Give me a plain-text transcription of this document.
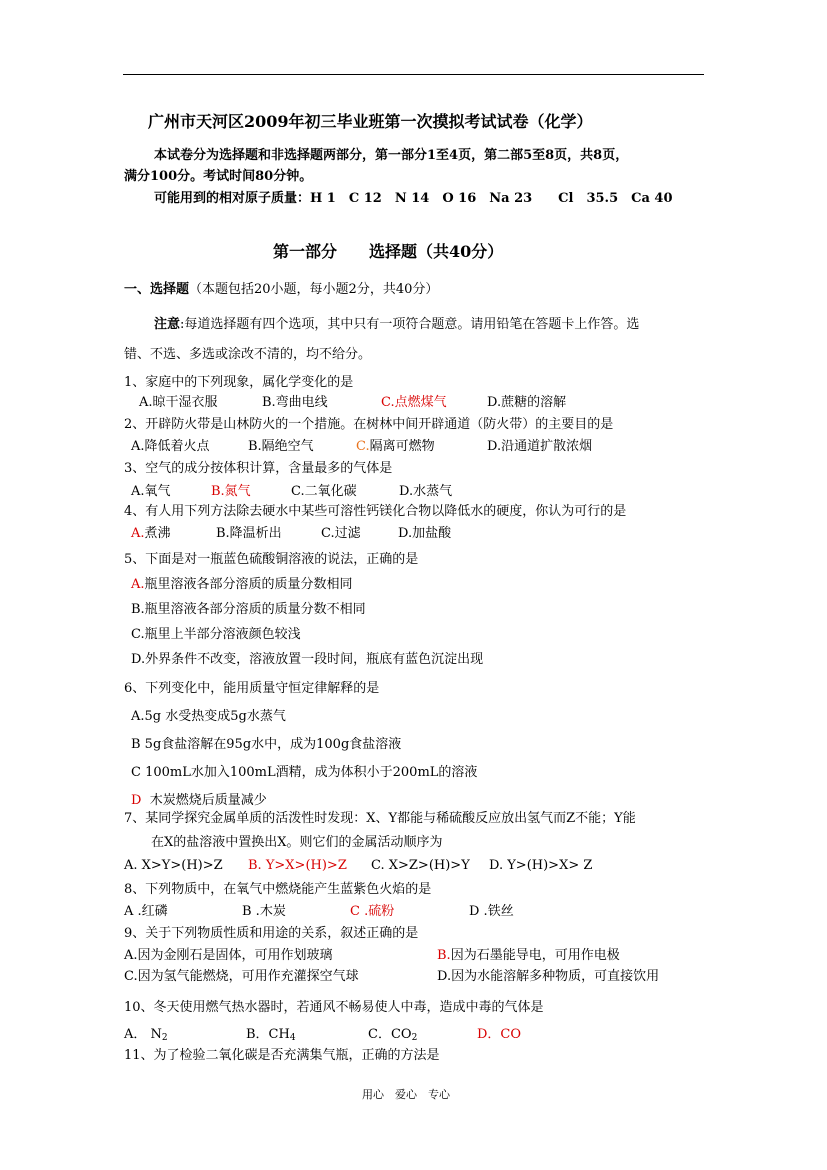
广州市天河区2009年初三毕业班第一次摸拟考试试卷（化学）
本试卷分为选择题和非选择题两部分，第一部分1至4页，第二部5至8页，共8页，
满分100分。考试时间80分钟。
可能用到的相对原子质量：H 1　C 12　N 14　O 16　Na 23　　Cl　35.5　Ca 40
第一部分　　选择题（共40分）
一、选择题（本题包括20小题，每小题2分，共40分）
注意:每道选择题有四个选项，其中只有一项符合题意。请用铅笔在答题卡上作答。选
错、不选、多选或涂改不清的，均不给分。
1、家庭中的下列现象，属化学变化的是
A.晾干湿衣服	B.弯曲电线	C.点燃煤气	D.蔗糖的溶解
2、开辟防火带是山林防火的一个措施。在树林中间开辟通道（防火带）的主要目的是
A.降低着火点	B.隔绝空气	C.隔离可燃物	D.沿通道扩散浓烟
3、空气的成分按体积计算，含量最多的气体是
A.氧气	B.氮气	C.二氧化碳	D.水蒸气
4、有人用下列方法除去硬水中某些可溶性钙镁化合物以降低水的硬度，你认为可行的是
A.煮沸	B.降温析出	C.过滤	D.加盐酸
5、下面是对一瓶蓝色硫酸铜溶液的说法，正确的是
A.瓶里溶液各部分溶质的质量分数相同
B.瓶里溶液各部分溶质的质量分数不相同
C.瓶里上半部分溶液颜色较浅
D.外界条件不改变，溶液放置一段时间，瓶底有蓝色沉淀出现
6、下列变化中，能用质量守恒定律解释的是
A.5g 水受热变成5g水蒸气
B 5g食盐溶解在95g水中，成为100g食盐溶液
C 100mL水加入100mL酒精，成为体积小于200mL的溶液
D 木炭燃烧后质量减少
7、某同学探究金属单质的活泼性时发现：X、Y都能与稀硫酸反应放出氢气而Z不能；Y能
在X的盐溶液中置换出X。则它们的金属活动顺序为
A. X>Y>(H)>Z B. Y>X>(H)>Z C. X>Z>(H)>Y D. Y>(H)>X> Z
8、下列物质中，在氧气中燃烧能产生蓝紫色火焰的是
A .红磷	B .木炭	C .硫粉	D .铁丝
9、关于下列物质性质和用途的关系，叙述正确的是
A.因为金刚石是固体，可用作划玻璃	B.因为石墨能导电，可用作电极
C.因为氢气能燃烧，可用作充灌探空气球	D.因为水能溶解多种物质，可直接饮用
10、冬天使用燃气热水器时，若通风不畅易使人中毒，造成中毒的气体是
A． $N_2$	B．$CH_4$	C．$CO_2$	D．CO
11、为了检验二氧化碳是否充满集气瓶，正确的方法是
用心　爱心　专心
